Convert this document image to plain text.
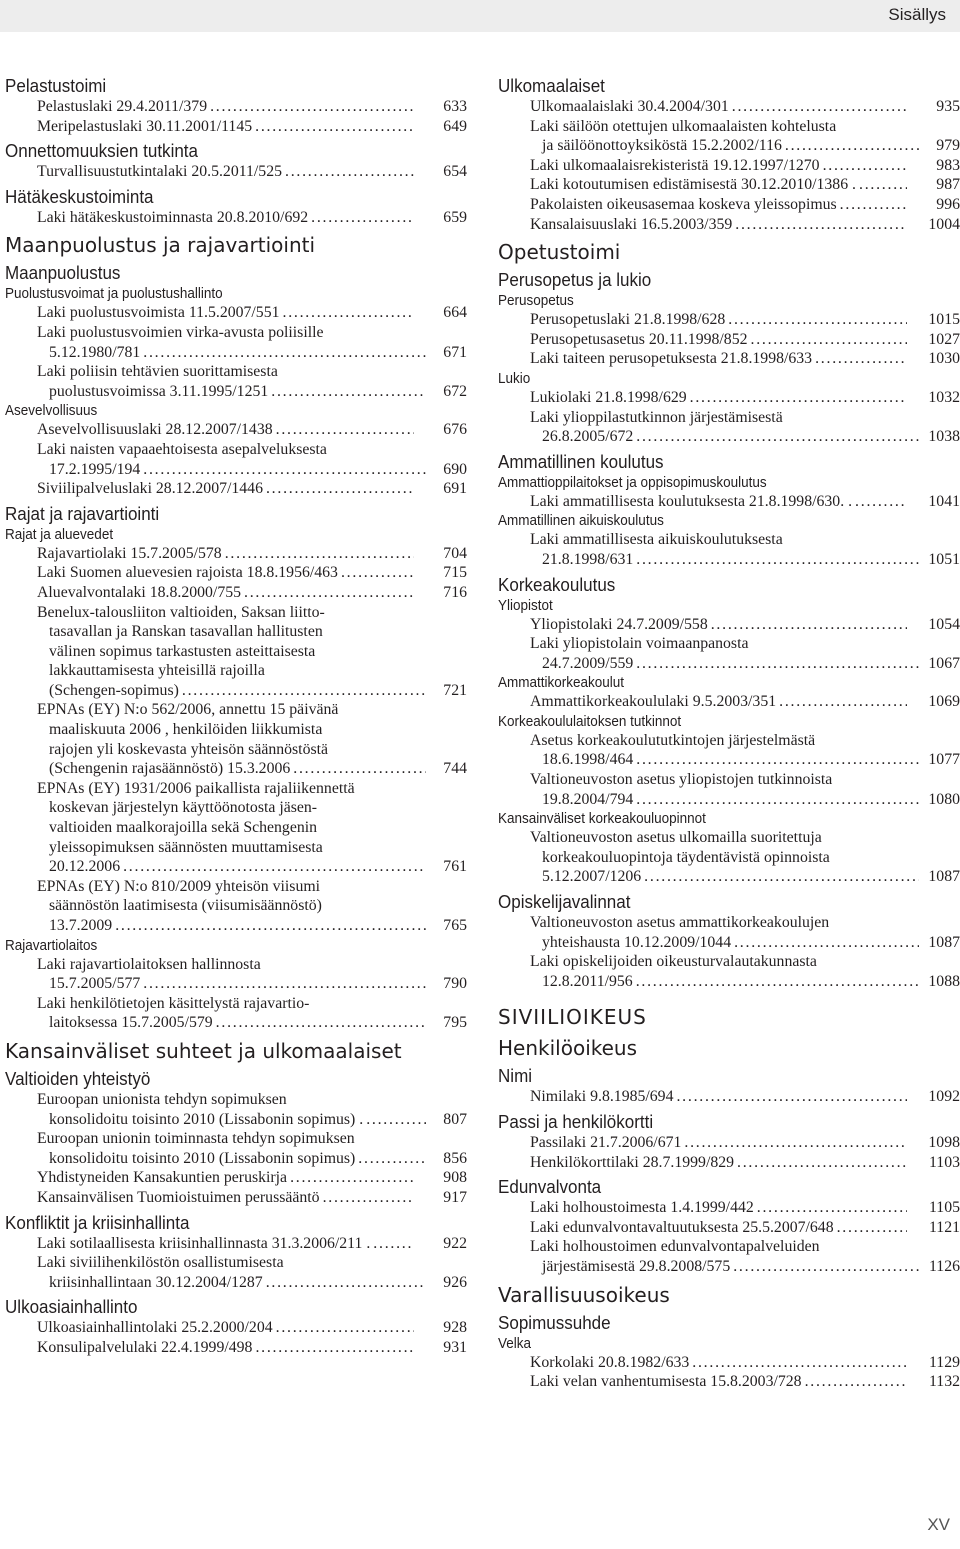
Sisällys
Pelastustoimi
Pelastuslaki 29.4.2011/379 . . .	633
Meripelastuslaki 30.11.2001/1145 . . .	649
Onnettomuuksien tutkinta
Turvallisuustutkintalaki 20.5.2011/525 . . .	654
Hätäkeskustoiminta
Laki hätäkeskustoiminnasta 20.8.2010/692 . . .	659
Maanpuolustus ja rajavartiointi
Maanpuolustus
Puolustusvoimat ja puolustushallinto
Laki puolustusvoimista 11.5.2007/551 . . .	664
Laki puolustusvoimien virka-avusta poliisille
5.12.1980/781 . . .	671
Laki poliisin tehtävien suorittamisesta
puolustusvoimissa 3.11.1995/1251 . . .	672
Asevelvollisuus
Asevelvollisuuslaki 28.12.2007/1438 . . .	676
Laki naisten vapaaehtoisesta asepalveluksesta
17.2.1995/194 . . .	690
Siviilipalveluslaki 28.12.2007/1446 . . .	691
Rajat ja rajavartiointi
Rajat ja aluevedet
Rajavartiolaki 15.7.2005/578 . . .	704
Laki Suomen aluevesien rajoista 18.8.1956/463 . . .	715
Aluevalvontalaki 18.8.2000/755 . . .	716
Benelux-talousliiton valtioiden, Saksan liitto-
tasavallan ja Ranskan tasavallan hallitusten
välinen sopimus tarkastusten asteittaisesta
lakkauttamisesta yhteisillä rajoilla
(Schengen-sopimus) . . .	721
EPNAs (EY) N:o 562/2006, annettu 15 päivänä
maaliskuuta 2006 , henkilöiden liikkumista
rajojen yli koskevasta yhteisön säännöstöstä
(Schengenin rajasäännöstö) 15.3.2006 . . .	744
EPNAs (EY) 1931/2006 paikallista rajaliikennettä
koskevan järjestelyn käyttöönotosta jäsen-
valtioiden maalkorajoilla sekä Schengenin
yleissopimuksen säännösten muuttamisesta
20.12.2006 . . .	761
EPNAs (EY) N:o 810/2009 yhteisön viisumi
säännöstön laatimisesta (viisumisäännöstö)
13.7.2009 . . .	765
Rajavartiolaitos
Laki rajavartiolaitoksen hallinnosta
15.7.2005/577 . . .	790
Laki henkilötietojen käsittelystä rajavartio-
laitoksessa 15.7.2005/579 . . .	795
Kansainväliset suhteet ja ulkomaalaiset
Valtioiden yhteistyö
Euroopan unionista tehdyn sopimuksen
konsolidoitu toisinto 2010 (Lissabonin sopimus) . . . .	807
Euroopan unionin toiminnasta tehdyn sopimuksen
konsolidoitu toisinto 2010 (Lissabonin sopimus) . . .	856
Yhdistyneiden Kansakuntien peruskirja . . .	908
Kansainvälisen Tuomioistuimen perussääntö . . .	917
Konfliktit ja kriisinhallinta
Laki sotilaallisesta kriisinhallinnasta 31.3.2006/211 . . . .	922
Laki siviilihenkilöstön osallistumisesta
kriisinhallintaan 30.12.2004/1287 . . .	926
Ulkoasiainhallinto
Ulkoasiainhallintolaki 25.2.2000/204 . . .	928
Konsulipalvelulaki 22.4.1999/498 . . .	931
Ulkomaalaiset
Ulkomaalaislaki 30.4.2004/301 . . .	935
Laki säilöön otettujen ulkomaalaisten kohtelusta
ja säilöönottoyksiköstä 15.2.2002/116 . . .	979
Laki ulkomaalaisrekisteristä 19.12.1997/1270 . . .	983
Laki kotoutumisen edistämisestä 30.12.2010/1386 . . . .	987
Pakolaisten oikeusasemaa koskeva yleissopimus . . .	996
Kansalaisuuslaki 16.5.2003/359 . . .	1004
Opetustoimi
Perusopetus ja lukio
Perusopetus
Perusopetuslaki 21.8.1998/628 . . .	1015
Perusopetusasetus 20.11.1998/852 . . .	1027
Laki taiteen perusopetuksesta 21.8.1998/633 . . .	1030
Lukio
Lukiolaki 21.8.1998/629 . . .	1032
Laki ylioppilastutkinnon järjestämisestä
26.8.2005/672 . . .	1038
Ammatillinen koulutus
Ammattioppilaitokset ja oppisopimuskoulutus
Laki ammatillisesta koulutuksesta 21.8.1998/630. . . . .	1041
Ammatillinen aikuiskoulutus
Laki ammatillisesta aikuiskoulutuksesta
21.8.1998/631 . . .	1051
Korkeakoulutus
Yliopistot
Yliopistolaki 24.7.2009/558 . . .	1054
Laki yliopistolain voimaanpanosta
24.7.2009/559 . . .	1067
Ammattikorkeakoulut
Ammattikorkeakoululaki 9.5.2003/351 . . .	1069
Korkeakoululaitoksen tutkinnot
Asetus korkeakoulututkintojen järjestelmästä
18.6.1998/464 . . .	1077
Valtioneuvoston asetus yliopistojen tutkinnoista
19.8.2004/794 . . .	1080
Kansainväliset korkeakouluopinnot
Valtioneuvoston asetus ulkomailla suoritettuja
korkeakouluopintoja täydentävistä opinnoista
5.12.2007/1206 . . .	1087
Opiskelijavalinnat
Valtioneuvoston asetus ammattikorkeakoulujen
yhteishausta 10.12.2009/1044 . . .	1087
Laki opiskelijoiden oikeusturvalautakunnasta
12.8.2011/956 . . .	1088
SIVIILIOIKEUS
Henkilöoikeus
Nimi
Nimilaki 9.8.1985/694 . . .	1092
Passi ja henkilökortti
Passilaki 21.7.2006/671 . . .	1098
Henkilökorttilaki 28.7.1999/829 . . .	1103
Edunvalvonta
Laki holhoustoimesta 1.4.1999/442 . . .	1105
Laki edunvalvontavaltuutuksesta 25.5.2007/648 . . .	1121
Laki holhoustoimen edunvalvontapalveluiden
järjestämisestä 29.8.2008/575 . . .	1126
Varallisuusoikeus
Sopimussuhde
Velka
Korkolaki 20.8.1982/633 . . .	1129
Laki velan vanhentumisesta 15.8.2003/728 . . .	1132
XV
